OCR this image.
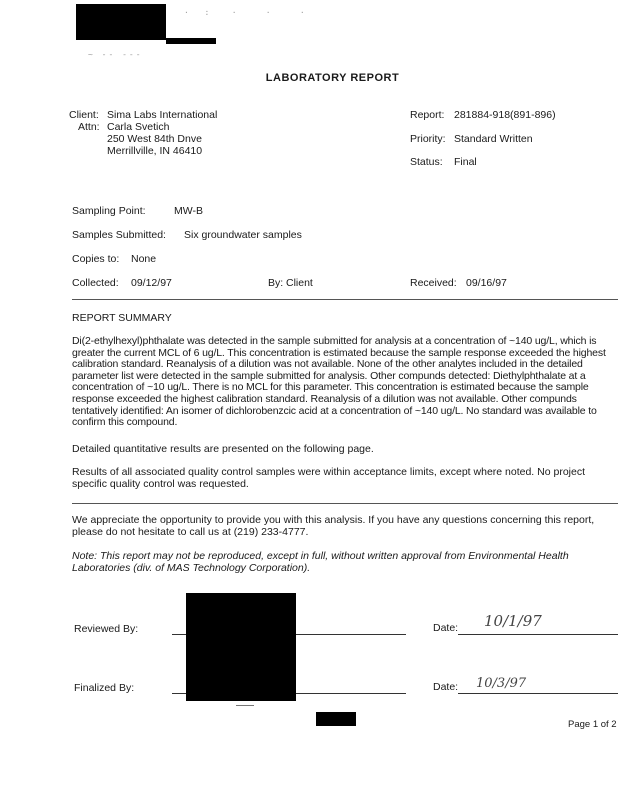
~ -- ---
·  :   ·    ·    ·
LABORATORY REPORT
Client: Sima Labs International
Attn: Carla Svetich
250 West 84th Dnve
Merrillville, IN 46410
Report: 281884-918(891-896)
Priority: Standard Written
Status: Final
Sampling Point:	MW-B
Samples Submitted: Six groundwater samples
Copies to: None
Collected: 09/12/97	By: Client	Received: 09/16/97
REPORT SUMMARY
Di(2-ethylhexyl)phthalate was detected in the sample submitted for analysis at a concentration of ~140 ug/L, which is greater the current MCL of 6 ug/L. This concentration is estimated because the sample response exceeded the highest calibration standard. Reanalysis of a dilution was not available. None of the other analytes included in the detailed parameter list were detected in the sample submitted for analysis. Other compunds detected: Diethylphthalate at a concentration of ~10 ug/L. There is no MCL for this parameter. This concentration is estimated because the sample response exceeded the highest calibration standard. Reanalysis of a dilution was not available. Other compunds tentatively identified: An isomer of dichlorobenzcic acid at a concentration of ~140 ug/L. No standard was available to confirm this compound.
Detailed quantitative results are presented on the following page.
Results of all associated quality control samples were within acceptance limits, except where noted. No project specific quality control was requested.
We appreciate the opportunity to provide you with this analysis. If you have any questions concerning this report, please do not hesitate to call us at (219) 233-4777.
Note: This report may not be reproduced, except in full, without written approval from Environmental Health Laboratories (div. of MAS Technology Corporation).
Reviewed By:	Date: 10/1/97
Finalized By:	Date: 10/3/97
Page 1 of 2
